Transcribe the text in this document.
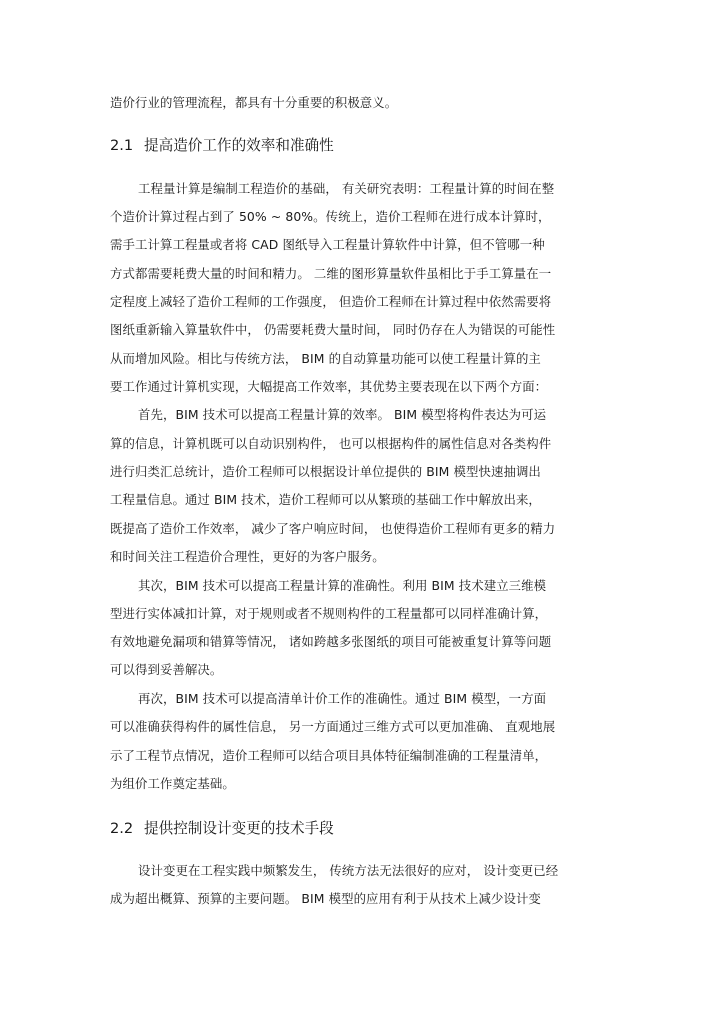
造价行业的管理流程，都具有十分重要的积极意义。
2.1 提高造价工作的效率和准确性
工程量计算是编制工程造价的基础， 有关研究表明：工程量计算的时间在整
个造价计算过程占到了 50% ~ 80%。传统上，造价工程师在进行成本计算时，
需手工计算工程量或者将 CAD 图纸导入工程量计算软件中计算，但不管哪一种
方式都需要耗费大量的时间和精力。 二维的图形算量软件虽相比于手工算量在一
定程度上减轻了造价工程师的工作强度， 但造价工程师在计算过程中依然需要将
图纸重新输入算量软件中， 仍需要耗费大量时间， 同时仍存在人为错误的可能性
从而增加风险。相比与传统方法， BIM 的自动算量功能可以使工程量计算的主
要工作通过计算机实现，大幅提高工作效率，其优势主要表现在以下两个方面：
首先，BIM 技术可以提高工程量计算的效率。 BIM 模型将构件表达为可运
算的信息，计算机既可以自动识别构件， 也可以根据构件的属性信息对各类构件
进行归类汇总统计，造价工程师可以根据设计单位提供的 BIM 模型快速抽调出
工程量信息。通过 BIM 技术，造价工程师可以从繁琐的基础工作中解放出来，
既提高了造价工作效率， 减少了客户响应时间， 也使得造价工程师有更多的精力
和时间关注工程造价合理性，更好的为客户服务。
其次，BIM 技术可以提高工程量计算的准确性。利用 BIM 技术建立三维模
型进行实体减扣计算，对于规则或者不规则构件的工程量都可以同样准确计算，
有效地避免漏项和错算等情况， 诸如跨越多张图纸的项目可能被重复计算等问题
可以得到妥善解决。
再次，BIM 技术可以提高清单计价工作的准确性。通过 BIM 模型，一方面
可以准确获得构件的属性信息， 另一方面通过三维方式可以更加准确、 直观地展
示了工程节点情况，造价工程师可以结合项目具体特征编制准确的工程量清单，
为组价工作奠定基础。
2.2 提供控制设计变更的技术手段
设计变更在工程实践中频繁发生， 传统方法无法很好的应对， 设计变更已经
成为超出概算、预算的主要问题。 BIM 模型的应用有利于从技术上减少设计变
